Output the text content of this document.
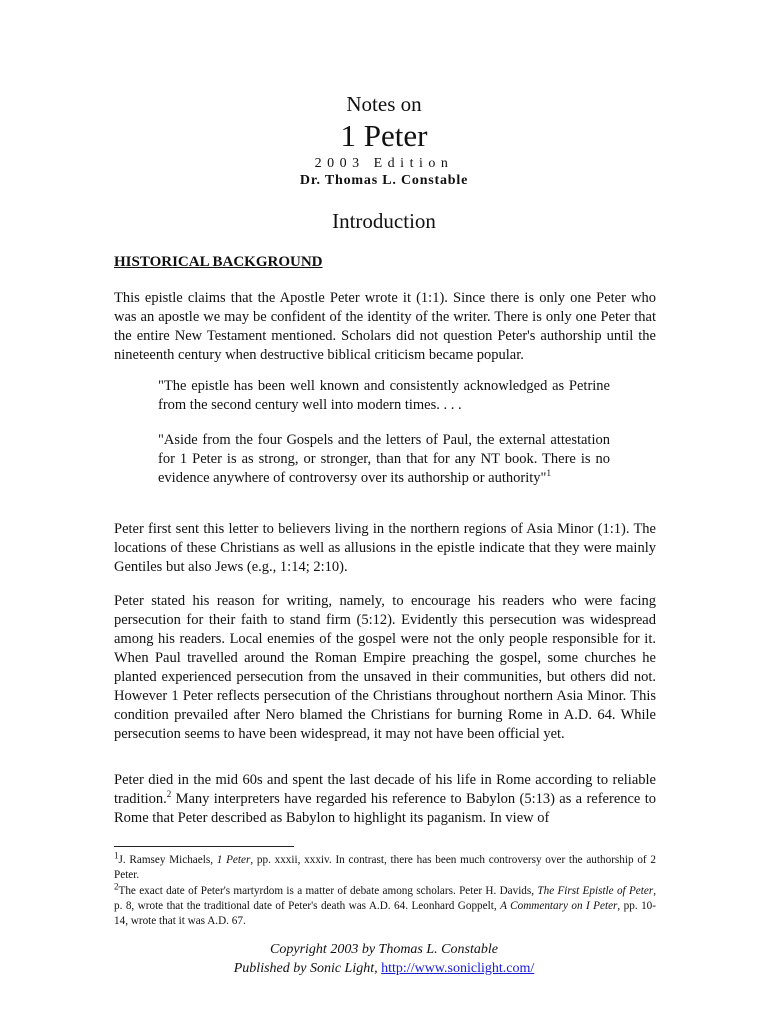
Notes on
1 Peter
2003 Edition
Dr. Thomas L. Constable
Introduction
HISTORICAL BACKGROUND
This epistle claims that the Apostle Peter wrote it (1:1). Since there is only one Peter who was an apostle we may be confident of the identity of the writer. There is only one Peter that the entire New Testament mentioned. Scholars did not question Peter's authorship until the nineteenth century when destructive biblical criticism became popular.
"The epistle has been well known and consistently acknowledged as Petrine from the second century well into modern times. . . .
"Aside from the four Gospels and the letters of Paul, the external attestation for 1 Peter is as strong, or stronger, than that for any NT book. There is no evidence anywhere of controversy over its authorship or authority"$^1$
Peter first sent this letter to believers living in the northern regions of Asia Minor (1:1). The locations of these Christians as well as allusions in the epistle indicate that they were mainly Gentiles but also Jews (e.g., 1:14; 2:10).
Peter stated his reason for writing, namely, to encourage his readers who were facing persecution for their faith to stand firm (5:12). Evidently this persecution was widespread among his readers. Local enemies of the gospel were not the only people responsible for it. When Paul travelled around the Roman Empire preaching the gospel, some churches he planted experienced persecution from the unsaved in their communities, but others did not. However 1 Peter reflects persecution of the Christians throughout northern Asia Minor. This condition prevailed after Nero blamed the Christians for burning Rome in A.D. 64. While persecution seems to have been widespread, it may not have been official yet.
Peter died in the mid 60s and spent the last decade of his life in Rome according to reliable tradition.$^2$ Many interpreters have regarded his reference to Babylon (5:13) as a reference to Rome that Peter described as Babylon to highlight its paganism. In view of
$^1$J. Ramsey Michaels, 1 Peter, pp. xxxii, xxxiv. In contrast, there has been much controversy over the authorship of 2 Peter.
$^2$The exact date of Peter's martyrdom is a matter of debate among scholars. Peter H. Davids, The First Epistle of Peter, p. 8, wrote that the traditional date of Peter's death was A.D. 64. Leonhard Goppelt, A Commentary on I Peter, pp. 10-14, wrote that it was A.D. 67.
Copyright 2003 by Thomas L. Constable
Published by Sonic Light, http://www.soniclight.com/
